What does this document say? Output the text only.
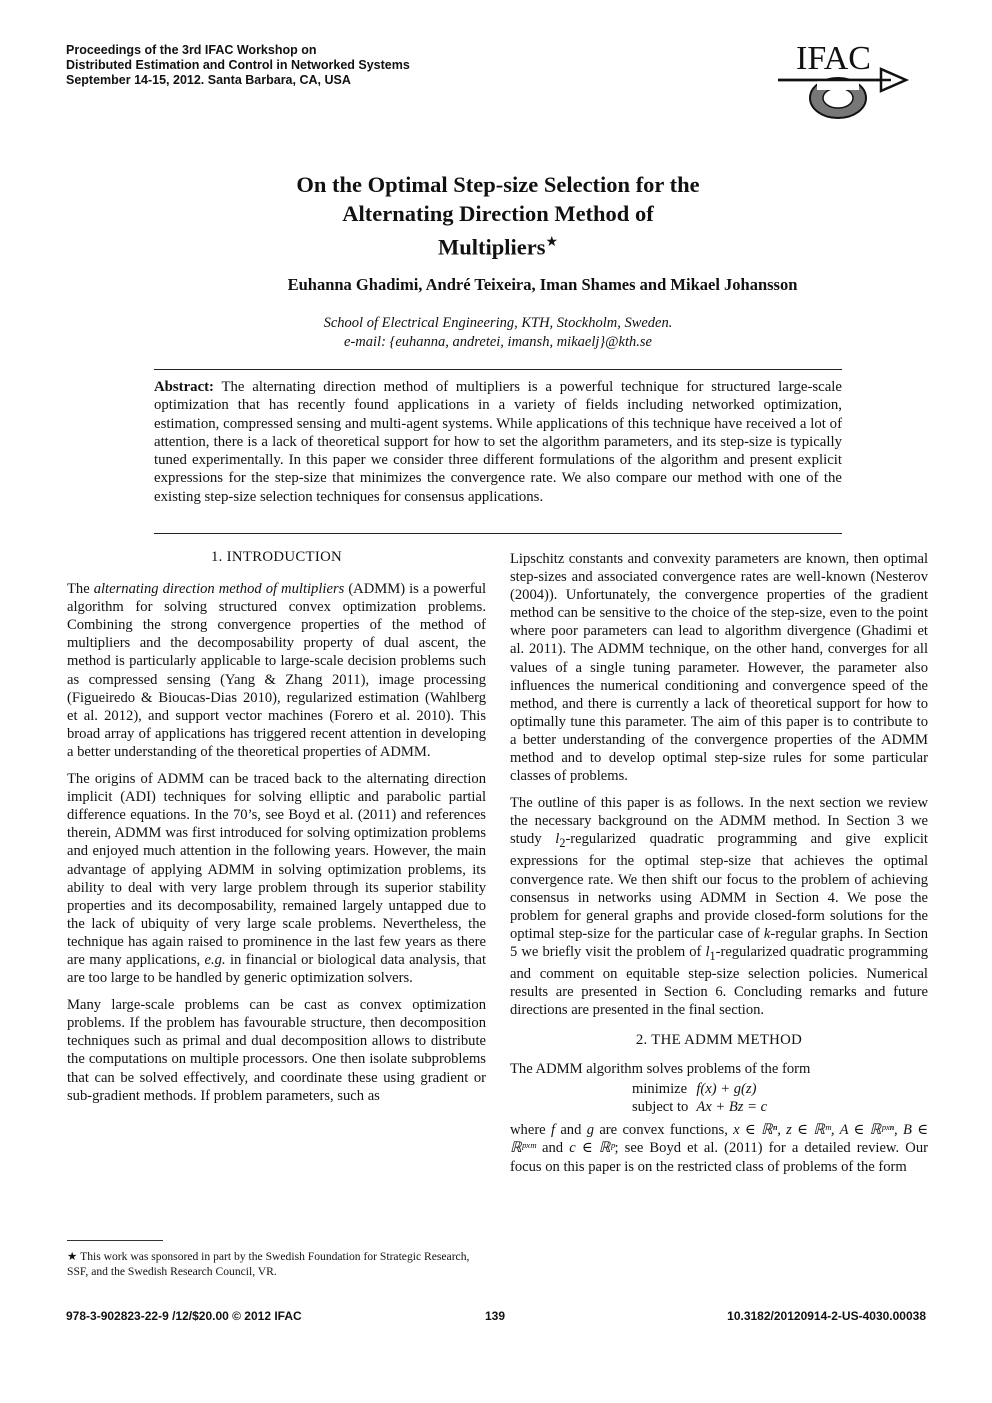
Proceedings of the 3rd IFAC Workshop on
Distributed Estimation and Control in Networked Systems
September 14-15, 2012. Santa Barbara, CA, USA
IFAC
On the Optimal Step-size Selection for the
Alternating Direction Method of
Multipliers★
Euhanna Ghadimi, André Teixeira, Iman Shames and Mikael Johansson
School of Electrical Engineering, KTH, Stockholm, Sweden.
e-mail: {euhanna, andretei, imansh, mikaelj}@kth.se
Abstract: The alternating direction method of multipliers is a powerful technique for structured large-scale optimization that has recently found applications in a variety of fields including networked optimization, estimation, compressed sensing and multi-agent systems. While applications of this technique have received a lot of attention, there is a lack of theoretical support for how to set the algorithm parameters, and its step-size is typically tuned experimentally. In this paper we consider three different formulations of the algorithm and present explicit expressions for the step-size that minimizes the convergence rate. We also compare our method with one of the existing step-size selection techniques for consensus applications.
1. INTRODUCTION

The alternating direction method of multipliers (ADMM) is a powerful algorithm for solving structured convex optimization problems. Combining the strong convergence properties of the method of multipliers and the decomposability property of dual ascent, the method is particularly applicable to large-scale decision problems such as compressed sensing (Yang & Zhang 2011), image processing (Figueiredo & Bioucas-Dias 2010), regularized estimation (Wahlberg et al. 2012), and support vector machines (Forero et al. 2010). This broad array of applications has triggered recent attention in developing a better understanding of the theoretical properties of ADMM.

The origins of ADMM can be traced back to the alternating direction implicit (ADI) techniques for solving elliptic and parabolic partial difference equations. In the 70’s, see Boyd et al. (2011) and references therein, ADMM was first introduced for solving optimization problems and enjoyed much attention in the following years. However, the main advantage of applying ADMM in solving optimization problems, its ability to deal with very large problem through its superior stability properties and its decomposability, remained largely untapped due to the lack of ubiquity of very large scale problems. Nevertheless, the technique has again raised to prominence in the last few years as there are many applications, e.g. in financial or biological data analysis, that are too large to be handled by generic optimization solvers.

Many large-scale problems can be cast as convex optimization problems. If the problem has favourable structure, then decomposition techniques such as primal and dual decomposition allows to distribute the computations on multiple processors. One then isolate subproblems that can be solved effectively, and coordinate these using gradient or sub-gradient methods. If problem parameters, such as

★ This work was sponsored in part by the Swedish Foundation for Strategic Research, SSF, and the Swedish Research Council, VR.

Lipschitz constants and convexity parameters are known, then optimal step-sizes and associated convergence rates are well-known (Nesterov (2004)). Unfortunately, the convergence properties of the gradient method can be sensitive to the choice of the step-size, even to the point where poor parameters can lead to algorithm divergence (Ghadimi et al. 2011). The ADMM technique, on the other hand, converges for all values of a single tuning parameter. However, the parameter also influences the numerical conditioning and convergence speed of the method, and there is currently a lack of theoretical support for how to optimally tune this parameter. The aim of this paper is to contribute to a better understanding of the convergence properties of the ADMM method and to develop optimal step-size rules for some particular classes of problems.

The outline of this paper is as follows. In the next section we review the necessary background on the ADMM method. In Section 3 we study $l_2$-regularized quadratic programming and give explicit expressions for the optimal step-size that achieves the optimal convergence rate. We then shift our focus to the problem of achieving consensus in networks using ADMM in Section 4. We pose the problem for general graphs and provide closed-form solutions for the optimal step-size for the particular case of k-regular graphs. In Section 5 we briefly visit the problem of $l_1$-regularized quadratic programming and comment on equitable step-size selection policies. Numerical results are presented in Section 6. Concluding remarks and future directions are presented in the final section.

2. THE ADMM METHOD

The ADMM algorithm solves problems of the form

minimize	f(x) + g(z)
subject to	Ax + Bz = c

where f and g are convex functions, x ∈ ℝⁿ, z ∈ ℝᵐ, A ∈ ℝᵖˣⁿ, B ∈ ℝᵖˣᵐ and c ∈ ℝᵖ; see Boyd et al. (2011) for a detailed review. Our focus on this paper is on the restricted class of problems of the form

978-3-902823-22-9 /12/$20.00 © 2012 IFAC	139	10.3182/20120914-2-US-4030.00038
